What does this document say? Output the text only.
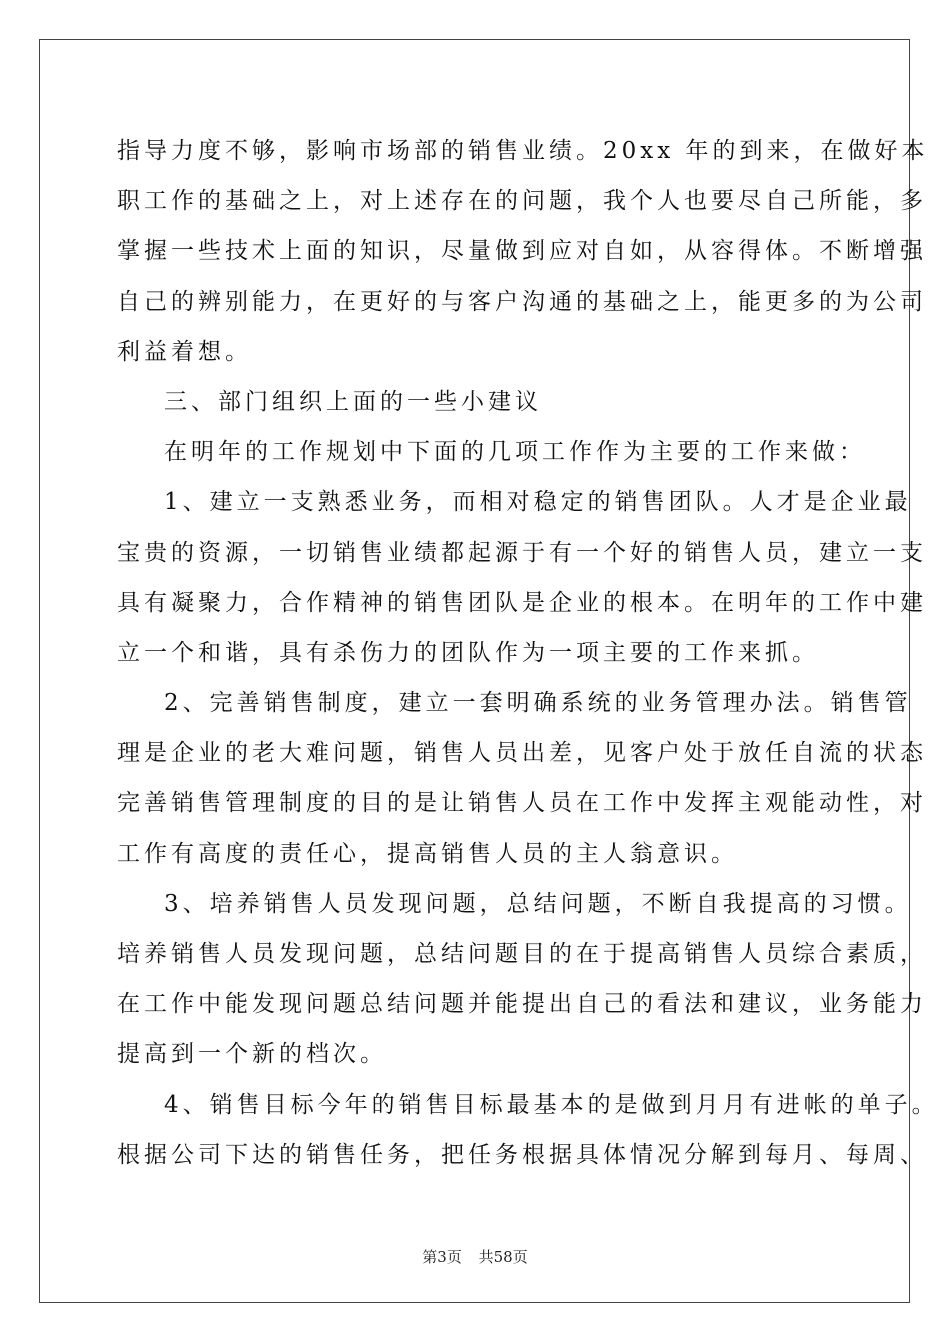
指导力度不够，影响市场部的销售业绩。20xx 年的到来，在做好本
职工作的基础之上，对上述存在的问题，我个人也要尽自己所能，多
掌握一些技术上面的知识，尽量做到应对自如，从容得体。不断增强
自己的辨别能力，在更好的与客户沟通的基础之上，能更多的为公司
利益着想。
三、部门组织上面的一些小建议
在明年的工作规划中下面的几项工作作为主要的工作来做：
1、建立一支熟悉业务，而相对稳定的销售团队。人才是企业最
宝贵的资源，一切销售业绩都起源于有一个好的销售人员，建立一支
具有凝聚力，合作精神的销售团队是企业的根本。在明年的工作中建
立一个和谐，具有杀伤力的团队作为一项主要的工作来抓。
2、完善销售制度，建立一套明确系统的业务管理办法。销售管
理是企业的老大难问题，销售人员出差，见客户处于放任自流的状态
完善销售管理制度的目的是让销售人员在工作中发挥主观能动性，对
工作有高度的责任心，提高销售人员的主人翁意识。
3、培养销售人员发现问题，总结问题，不断自我提高的习惯。
培养销售人员发现问题，总结问题目的在于提高销售人员综合素质，
在工作中能发现问题总结问题并能提出自己的看法和建议，业务能力
提高到一个新的档次。
4、销售目标今年的销售目标最基本的是做到月月有进帐的单子。
根据公司下达的销售任务，把任务根据具体情况分解到每月、每周、
第3页 共58页
